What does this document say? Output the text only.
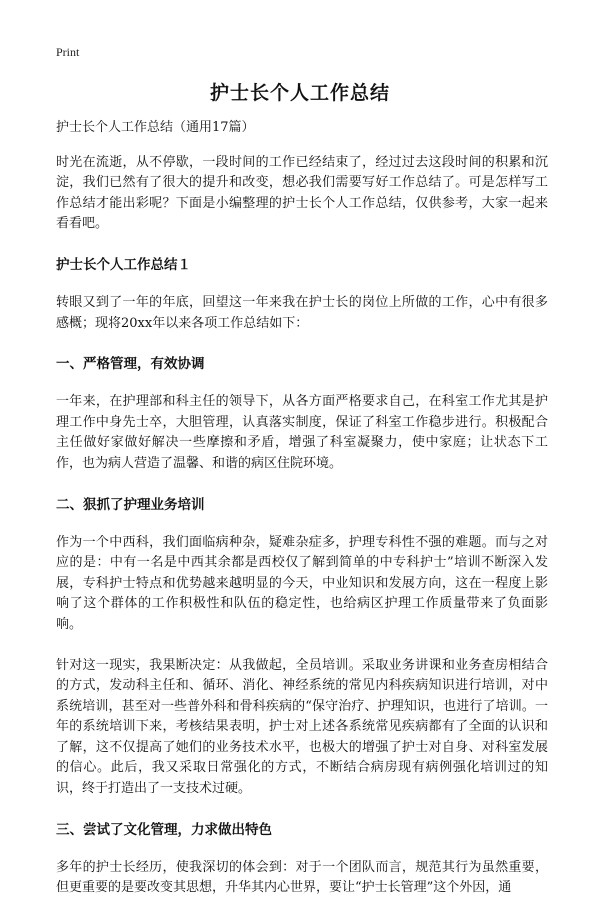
Print
护士长个人工作总结

护士长个人工作总结（通用17篇）

时光在流逝，从不停歇，一段时间的工作已经结束了，经过过去这段时间的积累和沉淀，我们已然有了很大的提升和改变，想必我们需要写好工作总结了。可是怎样写工作总结才能出彩呢？下面是小编整理的护士长个人工作总结，仅供参考，大家一起来看看吧。

护士长个人工作总结１

转眼又到了一年的年底，回望这一年来我在护士长的岗位上所做的工作，心中有很多感概；现将20xx年以来各项工作总结如下：

一、严格管理，有效协调

一年来，在护理部和科主任的领导下，从各方面严格要求自己，在科室工作尤其是护理工作中身先士卒，大胆管理，认真落实制度，保证了科室工作稳步进行。积极配合主任做好家做好解决一些摩擦和矛盾，增强了科室凝聚力，使中家庭；让状态下工作，也为病人营造了温馨、和谐的病区住院环境。

二、狠抓了护理业务培训

作为一个中西科，我们面临病种杂，疑难杂症多，护理专科性不强的难题。而与之对应的是：中有一名是中西其余都是西校仅了解到简单的中专科护士”培训不断深入发展，专科护士特点和优势越来越明显的今天，中业知识和发展方向，这在一程度上影响了这个群体的工作积极性和队伍的稳定性，也给病区护理工作质量带来了负面影响。

针对这一现实，我果断决定：从我做起，全员培训。采取业务讲课和业务查房相结合的方式，发动科主任和、循环、消化、神经系统的常见内科疾病知识进行培训，对中系统培训，甚至对一些普外科和骨科疾病的“保守治疗、护理知识，也进行了培训。一年的系统培训下来，考核结果表明，护士对上述各系统常见疾病都有了全面的认识和了解，这不仅提高了她们的业务技术水平，也极大的增强了护士对自身、对科室发展的信心。此后，我又采取日常强化的方式，不断结合病房现有病例强化培训过的知识，终于打造出了一支技术过硬。

三、尝试了文化管理，力求做出特色

多年的护士长经历，使我深切的体会到：对于一个团队而言，规范其行为虽然重要，但更重要的是要改变其思想，升华其内心世界，要让“护士长管理”这个外因，通
